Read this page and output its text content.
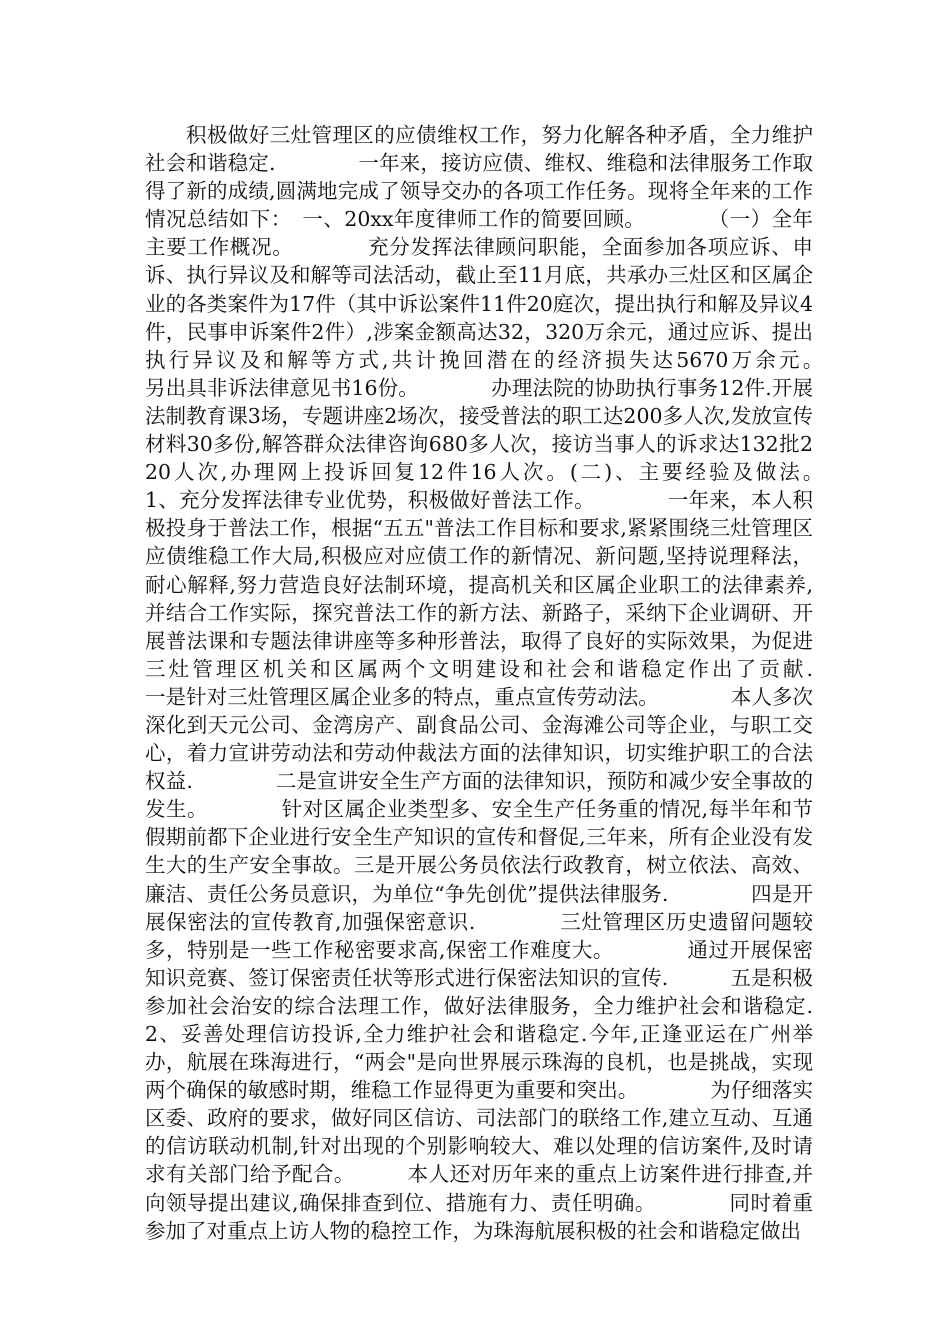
积极做好三灶管理区的应债维权工作，努力化解各种矛盾，全力维护社会和谐稳定.　　　　一年来，接访应债、维权、维稳和法律服务工作取得了新的成绩,圆满地完成了领导交办的各项工作任务。现将全年来的工作情况总结如下：　一、20xx年度律师工作的简要回顾。　　　　（一）全年主要工作概况。　　　　充分发挥法律顾问职能，全面参加各项应诉、申诉、执行异议及和解等司法活动，截止至11月底，共承办三灶区和区属企业的各类案件为17件（其中诉讼案件11件20庭次，提出执行和解及异议4件，民事申诉案件2件）,涉案金额高达32，320万余元，通过应诉、提出执行异议及和解等方式,共计挽回潜在的经济损失达5670万余元。　　　　另出具非诉法律意见书16份。　　　　办理法院的协助执行事务12件.开展法制教育课3场，专题讲座2场次，接受普法的职工达200多人次,发放宣传材料30多份,解答群众法律咨询680多人次，接访当事人的诉求达132批220人次,办理网上投诉回复12件16人次。(二)、主要经验及做法。　　　　1、充分发挥法律专业优势，积极做好普法工作。　　　　一年来，本人积极投身于普法工作，根据“五五"普法工作目标和要求,紧紧围绕三灶管理区应债维稳工作大局,积极应对应债工作的新情况、新问题,坚持说理释法，耐心解释,努力营造良好法制环境，提高机关和区属企业职工的法律素养,并结合工作实际，探究普法工作的新方法、新路子，采纳下企业调研、开展普法课和专题法律讲座等多种形普法，取得了良好的实际效果，为促进三灶管理区机关和区属两个文明建设和社会和谐稳定作出了贡献.　　　　一是针对三灶管理区属企业多的特点，重点宣传劳动法。　　　　本人多次深化到天元公司、金湾房产、副食品公司、金海滩公司等企业，与职工交心，着力宣讲劳动法和劳动仲裁法方面的法律知识，切实维护职工的合法权益.　　　　二是宣讲安全生产方面的法律知识，预防和减少安全事故的发生。　　　　针对区属企业类型多、安全生产任务重的情况,每半年和节假期前都下企业进行安全生产知识的宣传和督促,三年来，所有企业没有发生大的生产安全事故。三是开展公务员依法行政教育，树立依法、高效、廉洁、责任公务员意识，为单位“争先创优”提供法律服务.　　　　四是开展保密法的宣传教育,加强保密意识.　　　　三灶管理区历史遗留问题较多，特别是一些工作秘密要求高,保密工作难度大。　　　　通过开展保密知识竞赛、签订保密责任状等形式进行保密法知识的宣传.　　　五是积极参加社会治安的综合法理工作，做好法律服务，全力维护社会和谐稳定.　　　　2、妥善处理信访投诉,全力维护社会和谐稳定.今年,正逢亚运在广州举办，航展在珠海进行，“两会"是向世界展示珠海的良机，也是挑战，实现两个确保的敏感时期，维稳工作显得更为重要和突出。　　　　为仔细落实区委、政府的要求，做好同区信访、司法部门的联络工作,建立互动、互通的信访联动机制,针对出现的个别影响较大、难以处理的信访案件,及时请求有关部门给予配合。　　　本人还对历年来的重点上访案件进行排查,并向领导提出建议,确保排查到位、措施有力、责任明确。　　　　同时着重参加了对重点上访人物的稳控工作，为珠海航展积极的社会和谐稳定做出
